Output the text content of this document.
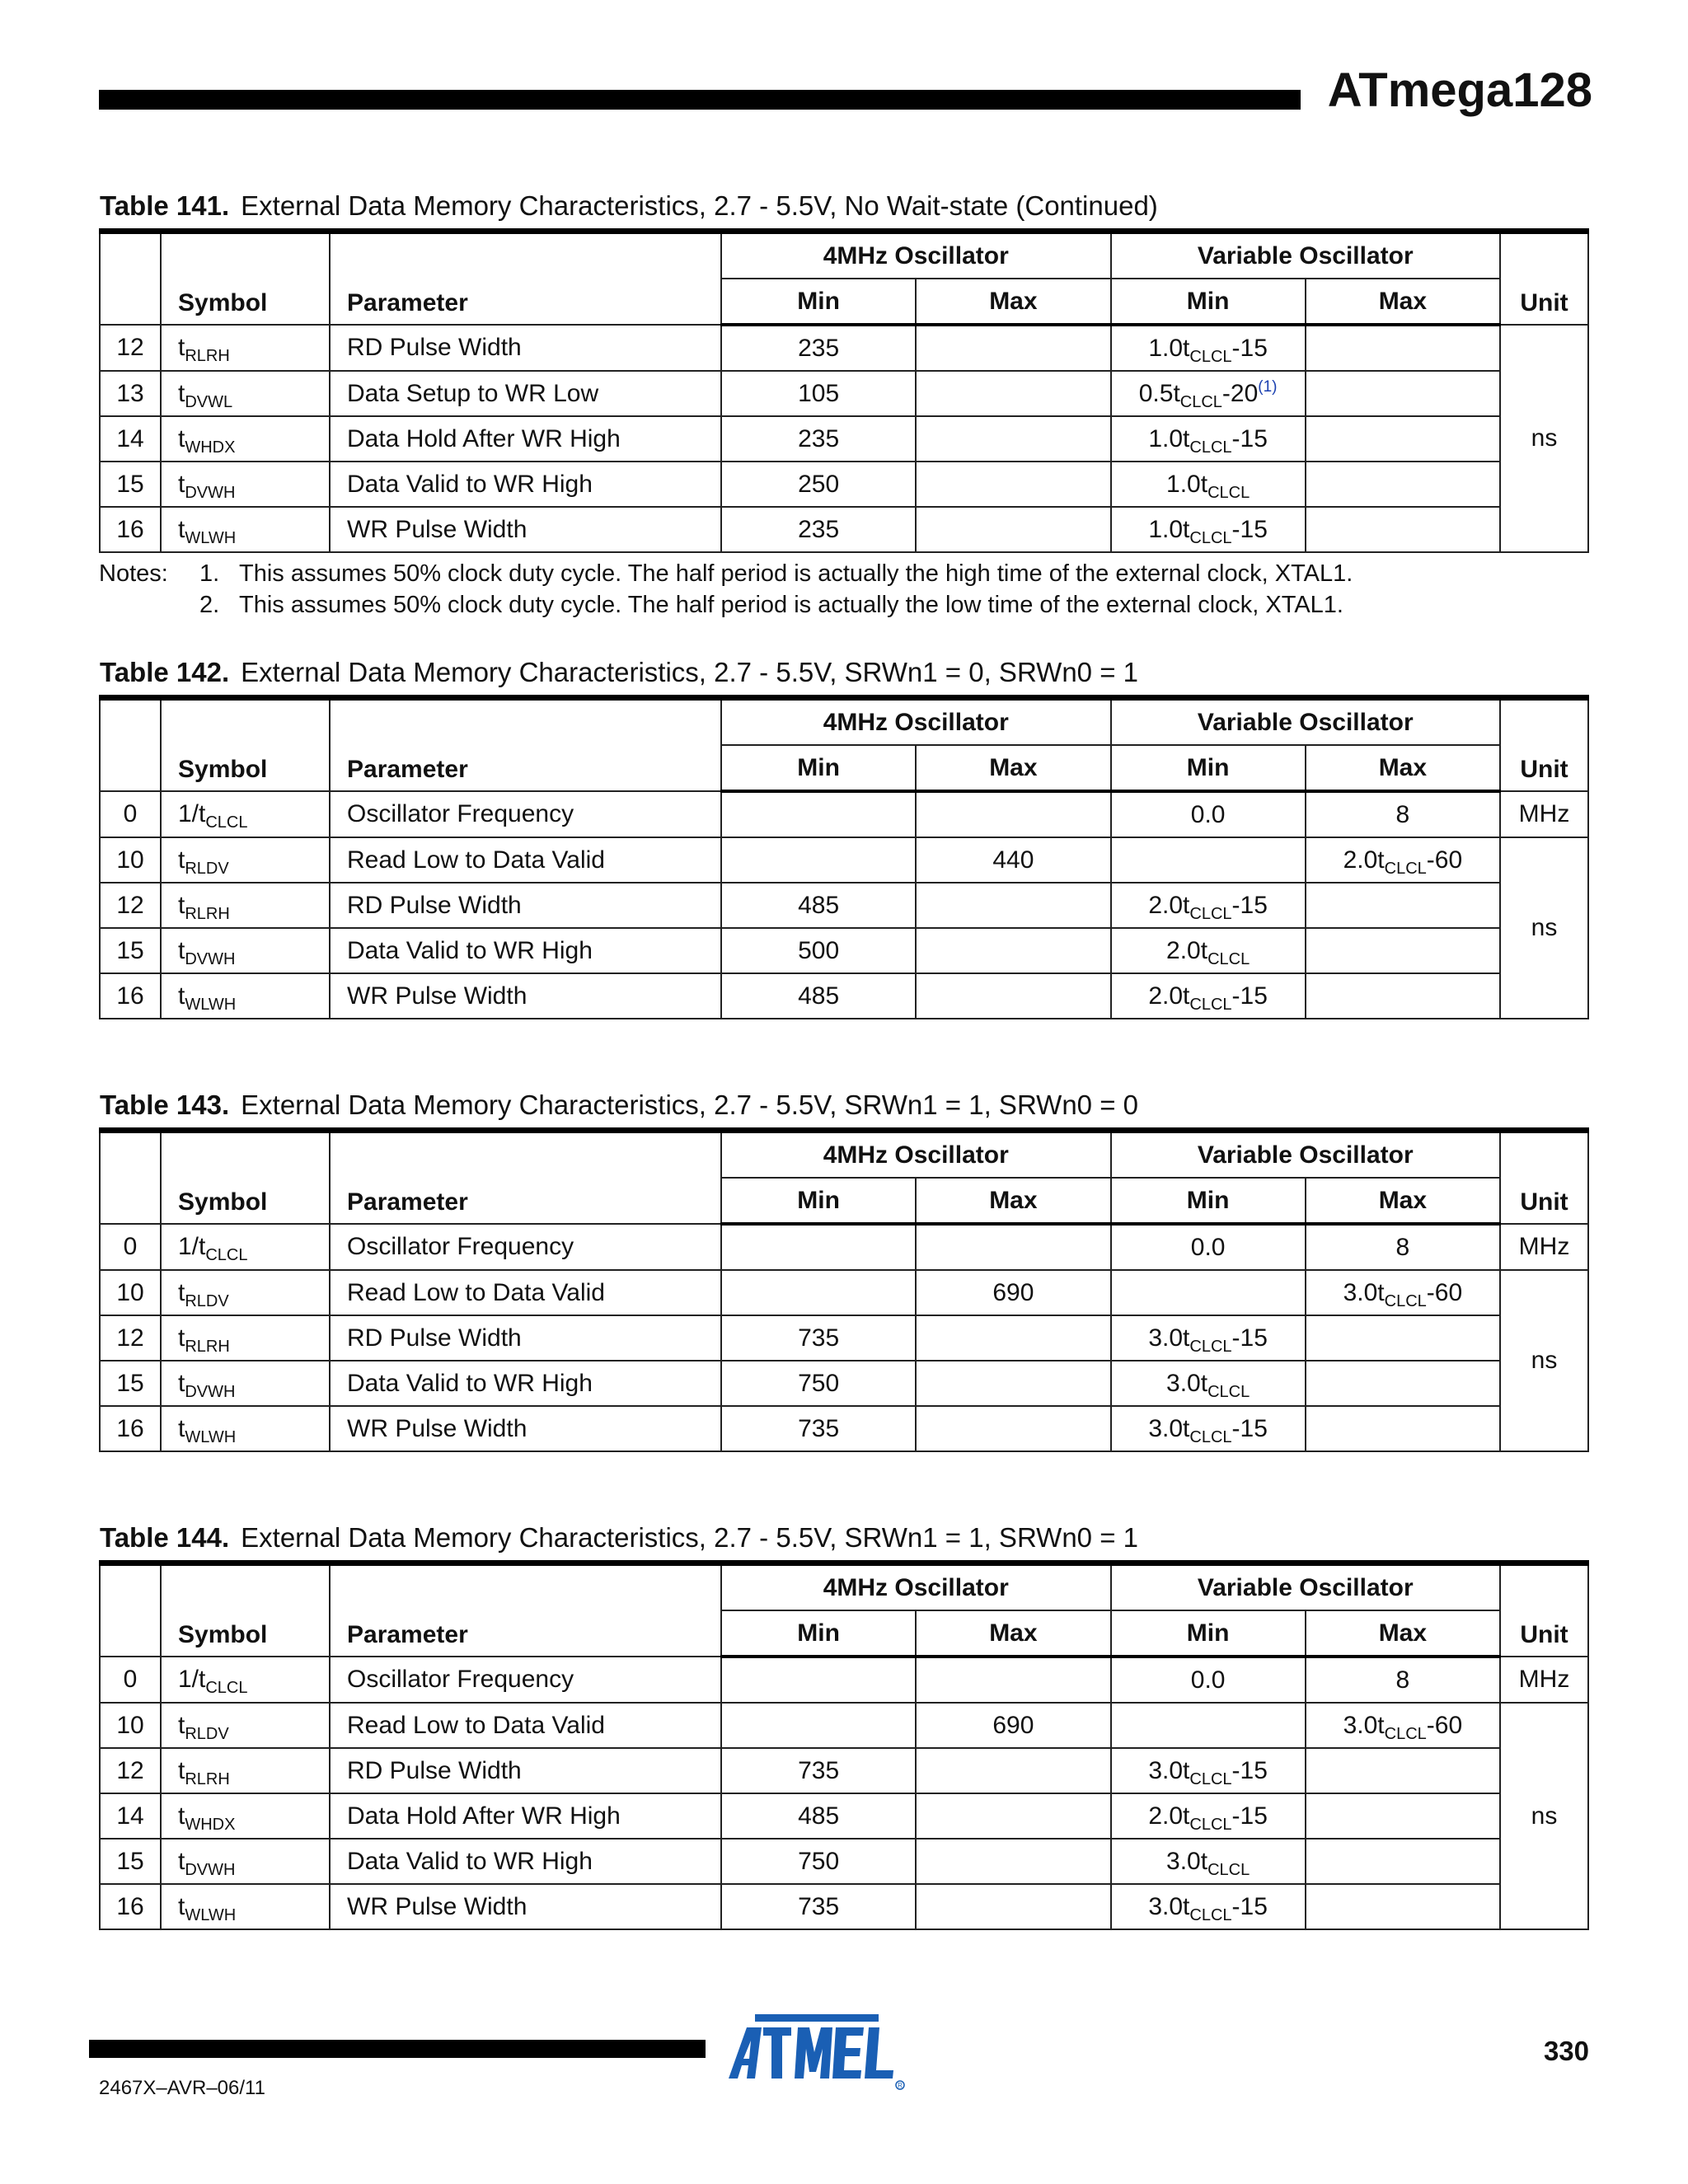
ATmega128
Table 141. External Data Memory Characteristics, 2.7 - 5.5V, No Wait-state (Continued)
	Symbol	Parameter	4MHz Oscillator		Variable Oscillator		Unit
			Min	Max	Min	Max	
12	$t_{RLRH}$	RD Pulse Width	235		$1.0t_{CLCL}-15$		ns
13	$t_{DVWL}$	Data Setup to WR Low	105		$0.5t_{CLCL}-20^{(1)}$	
14	$t_{WHDX}$	Data Hold After WR High	235		$1.0t_{CLCL}-15$		
15	$t_{DVWH}$	Data Valid to WR High	250		$1.0t_{CLCL}$	
16	$t_{WLWH}$	WR Pulse Width	235		$1.0t_{CLCL}-15$		
Notes: 1. This assumes 50% clock duty cycle. The half period is actually the high time of the external clock, XTAL1.
2. This assumes 50% clock duty cycle. The half period is actually the low time of the external clock, XTAL1.
Table 142. External Data Memory Characteristics, 2.7 - 5.5V, SRWn1 = 0, SRWn0 = 1
	Symbol	Parameter	4MHz Oscillator		Variable Oscillator		Unit
			Min	Max	Min	Max	
0	$1/t_{CLCL}$	Oscillator Frequency			0.0	8	MHz
10	$t_{RLDV}$	Read Low to Data Valid		440		$2.0t_{CLCL}-60$	ns
12	$t_{RLRH}$	RD Pulse Width	485		$2.0t_{CLCL}-15$		
15	$t_{DVWH}$	Data Valid to WR High	500		$2.0t_{CLCL}$	
16	$t_{WLWH}$	WR Pulse Width	485		$2.0t_{CLCL}-15$		
Table 143. External Data Memory Characteristics, 2.7 - 5.5V, SRWn1 = 1, SRWn0 = 0
	Symbol	Parameter	4MHz Oscillator		Variable Oscillator		Unit
			Min	Max	Min	Max	
0	$1/t_{CLCL}$	Oscillator Frequency			0.0	8	MHz
10	$t_{RLDV}$	Read Low to Data Valid		690		$3.0t_{CLCL}-60$	ns
12	$t_{RLRH}$	RD Pulse Width	735		$3.0t_{CLCL}-15$		
15	$t_{DVWH}$	Data Valid to WR High	750		$3.0t_{CLCL}$	
16	$t_{WLWH}$	WR Pulse Width	735		$3.0t_{CLCL}-15$		
Table 144. External Data Memory Characteristics, 2.7 - 5.5V, SRWn1 = 1, SRWn0 = 1
	Symbol	Parameter	4MHz Oscillator		Variable Oscillator		Unit
			Min	Max	Min	Max	
0	$1/t_{CLCL}$	Oscillator Frequency			0.0	8	MHz
10	$t_{RLDV}$	Read Low to Data Valid		690		$3.0t_{CLCL}-60$	ns
12	$t_{RLRH}$	RD Pulse Width	735		$3.0t_{CLCL}-15$		
14	$t_{WHDX}$	Data Hold After WR High	485		$2.0t_{CLCL}-15$		
15	$t_{DVWH}$	Data Valid to WR High	750		$3.0t_{CLCL}$	
16	$t_{WLWH}$	WR Pulse Width	735		$3.0t_{CLCL}-15$		
R
330
2467X–AVR–06/11
